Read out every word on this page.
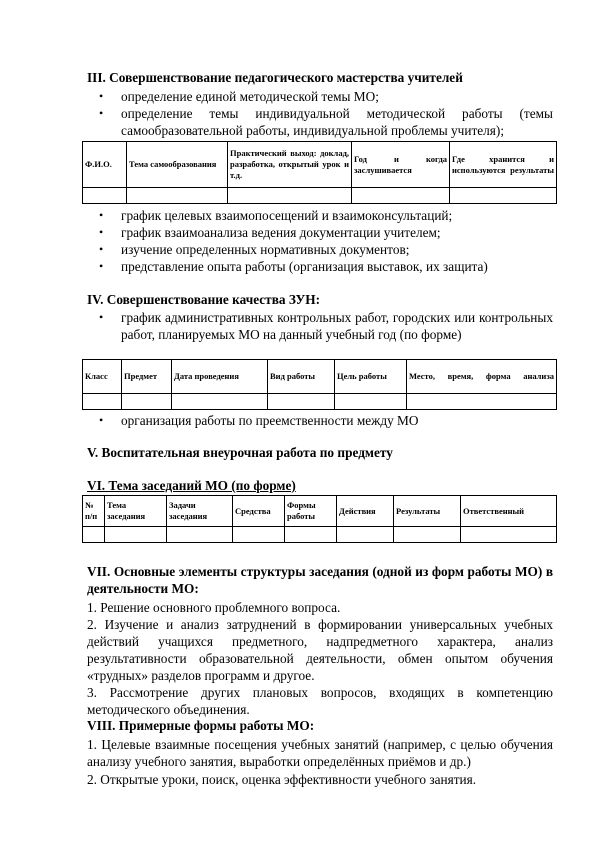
III. Совершенствование педагогического мастерства учителей
• определение единой методической темы МО;
• определение темы индивидуальной методической работы (темы самообразовательной работы, индивидуальной проблемы учителя);
Ф.И.О.	Тема самообразования	Практический выход: доклад, разработка, открытый урок и т.д.	Год и когда заслушивается	Где хранится и используются результаты

• график целевых взаимопосещений и взаимоконсультаций;
• график взаимоанализа ведения документации учителем;
• изучение определенных нормативных документов;
• представление опыта работы (организация выставок, их защита)
IV. Совершенствование качества ЗУН:
• график административных контрольных работ, городских или контрольных работ, планируемых МО на данный учебный год (по форме)
Класс	Предмет	Дата проведения	Вид работы	Цель работы	Место, время, форма анализа

• организация работы по преемственности между МО
V. Воспитательная внеурочная работа по предмету
VI. Тема заседаний МО (по форме)
№ п/п	Тема заседания	Задачи заседания	Средства	Формы работы	Действия	Результаты	Ответственный

VII. Основные элементы структуры заседания (одной из форм работы МО) в деятельности МО:
1. Решение основного проблемного вопроса.
2. Изучение и анализ затруднений в формировании универсальных учебных действий учащихся предметного, надпредметного характера, анализ результативности образовательной деятельности, обмен опытом обучения «трудных» разделов программ и другое.
3. Рассмотрение других плановых вопросов, входящих в компетенцию методического объединения.
VIII. Примерные формы работы МО:
1. Целевые взаимные посещения учебных занятий (например, с целью обучения анализу учебного занятия, выработки определённых приёмов и др.)
2. Открытые уроки, поиск, оценка эффективности учебного занятия.
